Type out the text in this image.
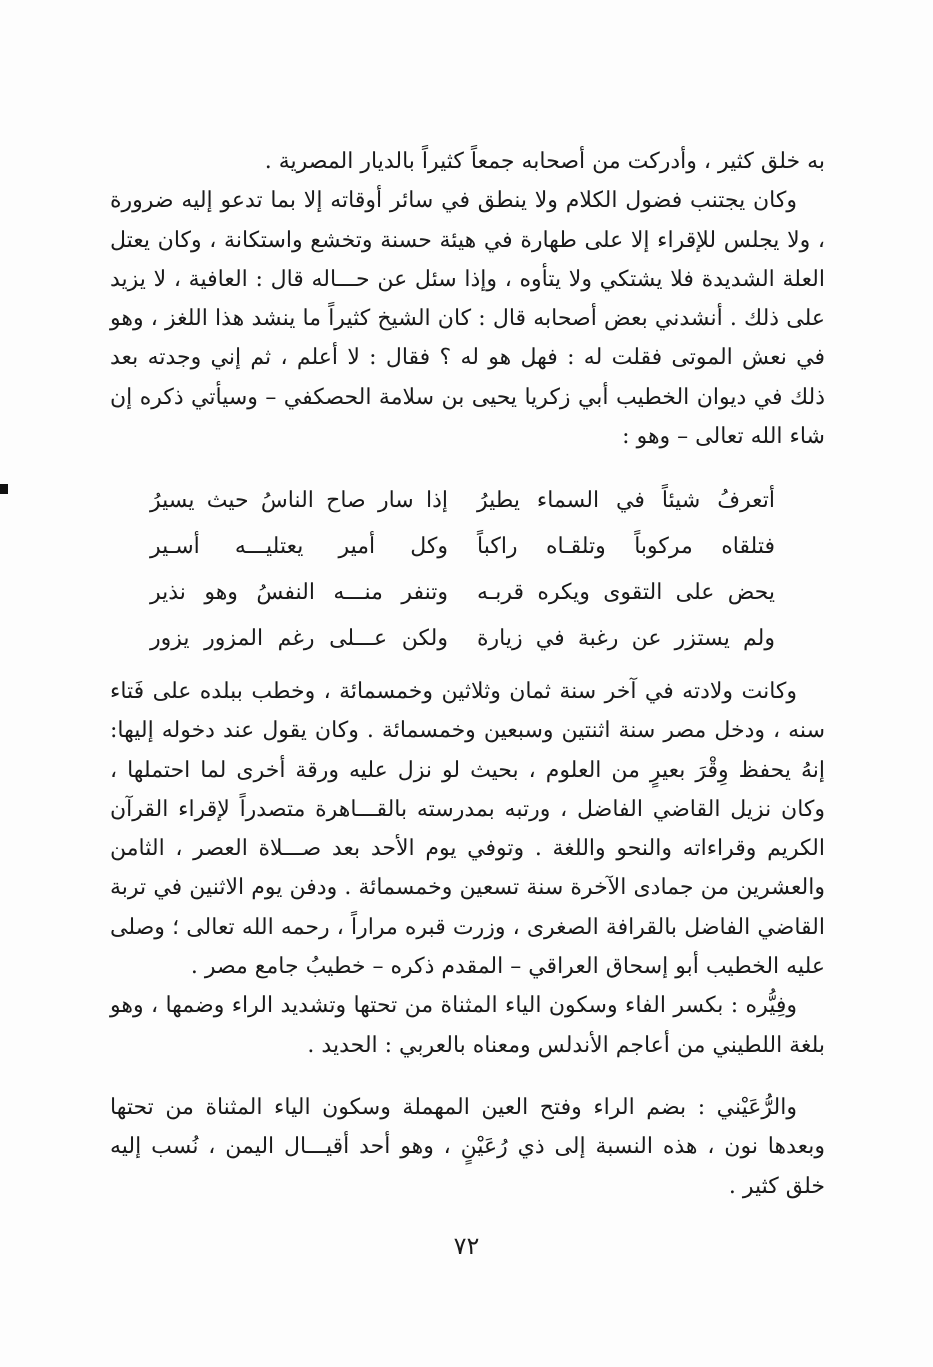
به خلق كثير ، وأدركت من أصحابه جمعاً كثيراً بالديار المصرية .

وكان يجتنب فضول الكلام ولا ينطق في سائر أوقاته إلا بما تدعو إليه ضرورة ، ولا يجلس للإقراء إلا على طهارة في هيئة حسنة وتخشع واستكانة ، وكان يعتل العلة الشديدة فلا يشتكي ولا يتأوه ، وإذا سئل عن حـــاله قال : العافية ، لا يزيد على ذلك . أنشدني بعض أصحابه قال : كان الشيخ كثيراً ما ينشد هذا اللغز ، وهو في نعش الموتى فقلت له : فهل هو له ؟ فقال : لا أعلم ، ثم إني وجدته بعد ذلك في ديوان الخطيب أبي زكريا يحيى بن سلامة الحصكفي – وسيأتي ذكره إن شاء الله تعالى – وهو :

أتعرفُ شيئاً في السماء يطيرُ
إذا سار صاح الناسُ حيث يسيرُ
فتلقاه مركوباً وتلقـاه راكباً
وكل أمير يعتليـــه أسـير
يحض على التقوى ويكره قربـه
وتنفر منـــه النفسُ وهو نذير
ولم يستزر عن رغبة في زيارة
ولكن عـــلى رغم المزور يزور

وكانت ولادته في آخر سنة ثمان وثلاثين وخمسمائة ، وخطب ببلده على فَتاء سنه ، ودخل مصر سنة اثنتين وسبعين وخمسمائة . وكان يقول عند دخوله إليها: إنهُ يحفظ وِقْرَ بعيرٍ من العلوم ، بحيث لو نزل عليه ورقة أخرى لما احتملها ، وكان نزيل القاضي الفاضل ، ورتبه بمدرسته بالقـــاهرة متصدراً لإقراء القرآن الكريم وقراءاته والنحو واللغة . وتوفي يوم الأحد بعد صـــلاة العصر ، الثامن والعشرين من جمادى الآخرة سنة تسعين وخمسمائة . ودفن يوم الاثنين في تربة القاضي الفاضل بالقرافة الصغرى ، وزرت قبره مراراً ، رحمه الله تعالى ؛ وصلى عليه الخطيب أبو إسحاق العراقي – المقدم ذكره – خطيبُ جامع مصر .

وفِيُّره : بكسر الفاء وسكون الياء المثناة من تحتها وتشديد الراء وضمها ، وهو بلغة اللطيني من أعاجم الأندلس ومعناه بالعربي : الحديد .

والرُّعَيْني : بضم الراء وفتح العين المهملة وسكون الياء المثناة من تحتها وبعدها نون ، هذه النسبة إلى ذي رُعَيْنٍ ، وهو أحد أقيـــال اليمن ، نُسب إليه خلق كثير .

٧٢
